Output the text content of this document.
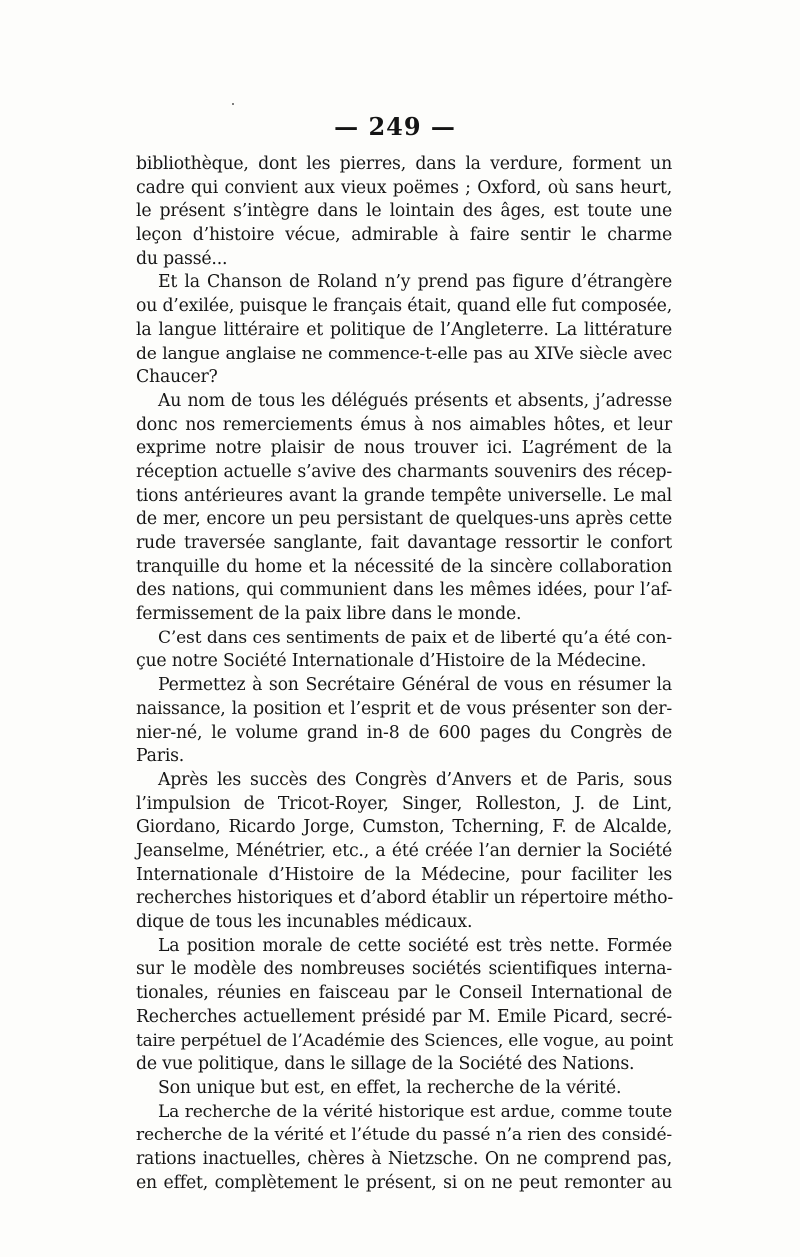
— 249 —
bibliothèque, dont les pierres, dans la verdure, forment un
cadre qui convient aux vieux poëmes ; Oxford, où sans heurt,
le présent s’intègre dans le lointain des âges, est toute une
leçon d’histoire vécue, admirable à faire sentir le charme
du passé...
Et la Chanson de Roland n’y prend pas figure d’étrangère
ou d’exilée, puisque le français était, quand elle fut composée,
la langue littéraire et politique de l’Angleterre. La littérature
de langue anglaise ne commence-t-elle pas au XIVe siècle avec
Chaucer?
Au nom de tous les délégués présents et absents, j’adresse
donc nos remerciements émus à nos aimables hôtes, et leur
exprime notre plaisir de nous trouver ici. L’agrément de la
réception actuelle s’avive des charmants souvenirs des récep-
tions antérieures avant la grande tempête universelle. Le mal
de mer, encore un peu persistant de quelques-uns après cette
rude traversée sanglante, fait davantage ressortir le confort
tranquille du home et la nécessité de la sincère collaboration
des nations, qui communient dans les mêmes idées, pour l’af-
fermissement de la paix libre dans le monde.
C’est dans ces sentiments de paix et de liberté qu’a été con-
çue notre Société Internationale d’Histoire de la Médecine.
Permettez à son Secrétaire Général de vous en résumer la
naissance, la position et l’esprit et de vous présenter son der-
nier-né, le volume grand in-8 de 600 pages du Congrès de
Paris.
Après les succès des Congrès d’Anvers et de Paris, sous
l’impulsion de Tricot-Royer, Singer, Rolleston, J. de Lint,
Giordano, Ricardo Jorge, Cumston, Tcherning, F. de Alcalde,
Jeanselme, Ménétrier, etc., a été créée l’an dernier la Société
Internationale d’Histoire de la Médecine, pour faciliter les
recherches historiques et d’abord établir un répertoire métho-
dique de tous les incunables médicaux.
La position morale de cette société est très nette. Formée
sur le modèle des nombreuses sociétés scientifiques interna-
tionales, réunies en faisceau par le Conseil International de
Recherches actuellement présidé par M. Emile Picard, secré-
taire perpétuel de l’Académie des Sciences, elle vogue, au point
de vue politique, dans le sillage de la Société des Nations.
Son unique but est, en effet, la recherche de la vérité.
La recherche de la vérité historique est ardue, comme toute
recherche de la vérité et l’étude du passé n’a rien des considé-
rations inactuelles, chères à Nietzsche. On ne comprend pas,
en effet, complètement le présent, si on ne peut remonter au
